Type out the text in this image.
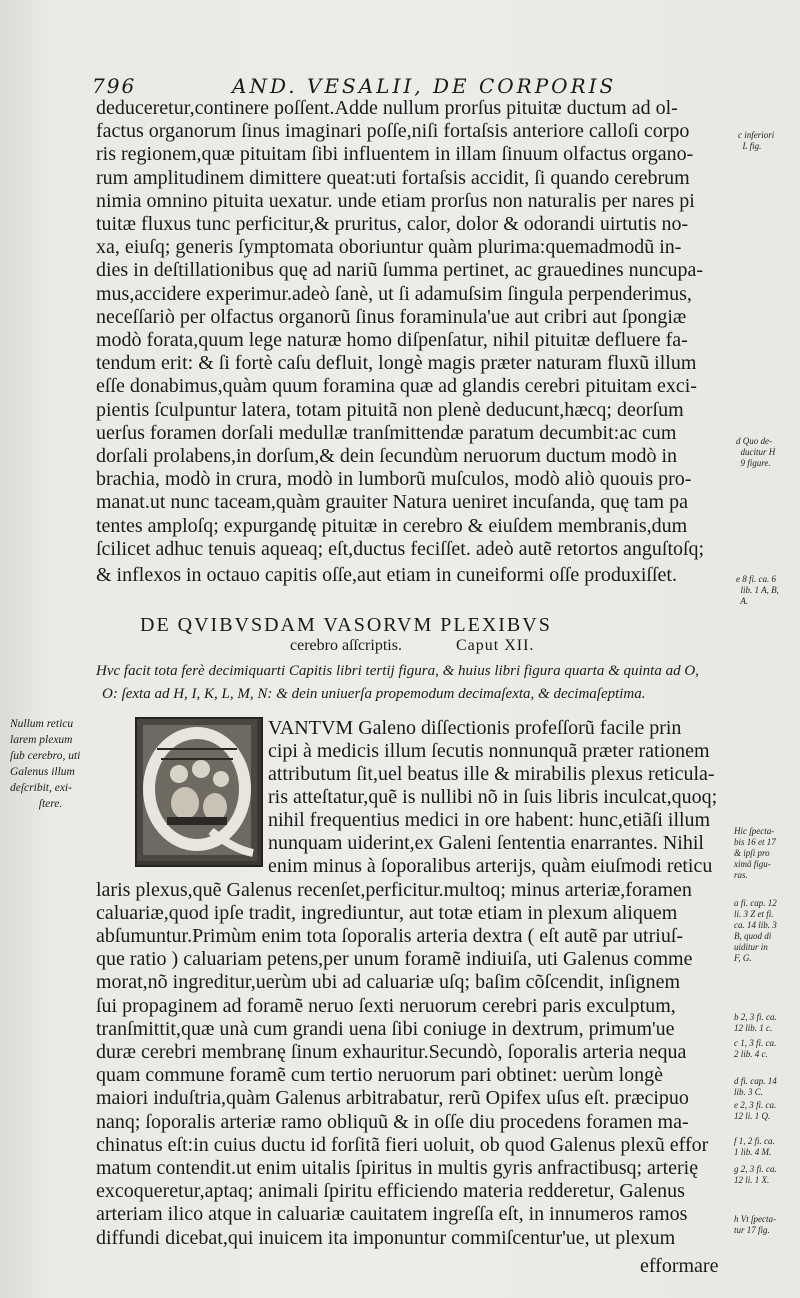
796	AND. VESALII, DE CORPORIS
deduceretur,continere poſſent.Adde nullum prorſus pituitæ ductum ad ol-
factus organorum ſinus imaginari poſſe,niſi fortaſsis anteriore calloſi corpo
ris regionem,quæ pituitam ſibi influentem in illam ſinuum olfactus organo-
rum amplitudinem dimittere queat:uti fortaſsis accidit, ſi quando cerebrum
nimia omnino pituita uexatur. unde etiam prorſus non naturalis per nares pi
tuitæ fluxus tunc perficitur,& pruritus, calor, dolor & odorandi uirtutis no-
xa, eiuſq; generis ſymptomata oboriuntur quàm plurima:quemadmodũ in-
dies in deſtillationibus quę ad nariũ ſumma pertinet, ac grauedines nuncupa-
mus,accidere experimur.adeò ſanè, ut ſi adamuſsim ſingula perpenderimus,
neceſſariò per olfactus organorũ ſinus foraminula'ue aut cribri aut ſpongiæ
modò forata,quum lege naturæ homo diſpenſatur, nihil pituitæ defluere fa-
tendum erit: & ſi fortè caſu defluit, longè magis præter naturam fluxũ illum
eſſe donabimus,quàm quum foramina quæ ad glandis cerebri pituitam exci-
pientis ſculpuntur latera, totam pituitã non plenè deducunt,hæcq; deorſum
uerſus foramen dorſali medullæ tranſmittendæ paratum decumbit:ac cum
dorſali prolabens,in dorſum,& dein ſecundùm neruorum ductum modò in
brachia, modò in crura, modò in lumborũ muſculos, modò aliò quouis pro-
manat.ut nunc taceam,quàm grauiter Natura ueniret incuſanda, quę tam pa
tentes amploſq; expurgandę pituitæ in cerebro & eiuſdem membranis,dum
ſcilicet adhuc tenuis aqueaq; eſt,ductus feciſſet. adeò autẽ retortos anguſtoſq;
& inflexos in octauo capitis oſſe,aut etiam in cuneiformi oſſe produxiſſet.
DE QVIBVSDAM VASORVM PLEXIBVS
cerebro aſſcriptis.	Caput XII.
Hvc facit tota ferè decimiquarti Capitis libri tertij figura, & huius libri figura quarta & quinta ad O,
O: ſexta ad H, I, K, L, M, N: & dein uniuerſa propemodum decimaſexta, & decimaſeptima.
VANTVM Galeno diſſectionis profeſſorũ facile prin
cipi à medicis illum ſecutis nonnunquã præter rationem
attributum ſit,uel beatus ille & mirabilis plexus reticula-
ris atteſtatur,quẽ is nullibi nõ in ſuis libris inculcat,quoq;
nihil frequentius medici in ore habent: hunc,etiãſi illum
nunquam uiderint,ex Galeni ſententia enarrantes. Nihil
enim minus à ſoporalibus arterijs, quàm eiuſmodi reticu
laris plexus,quẽ Galenus recenſet,perficitur.multoq; minus arteriæ,foramen
caluariæ,quod ipſe tradit, ingrediuntur, aut totæ etiam in plexum aliquem
abſumuntur.Primùm enim tota ſoporalis arteria dextra ( eſt autẽ par utriuſ-
que ratio ) caluariam petens,per unum foramẽ indiuiſa, uti Galenus comme
morat,nõ ingreditur,uerùm ubi ad caluariæ uſq; baſim cõſcendit, inſignem
ſui propaginem ad foramẽ neruo ſexti neruorum cerebri paris exculptum,
tranſmittit,quæ unà cum grandi uena ſibi coniuge in dextrum, primum'ue
duræ cerebri membranę ſinum exhauritur.Secundò, ſoporalis arteria nequa
quam commune foramẽ cum tertio neruorum pari obtinet: uerùm longè
maiori induſtria,quàm Galenus arbitrabatur, rerũ Opifex uſus eſt. præcipuo
nanq; ſoporalis arteriæ ramo obliquũ & in oſſe diu procedens foramen ma-
chinatus eſt:in cuius ductu id forſitã fieri uoluit, ob quod Galenus plexũ effor
matum contendit.ut enim uitalis ſpiritus in multis gyris anfractibusq; arterię
excoqueretur,aptaq; animali ſpiritu efficiendo materia redderetur, Galenus
arteriam ilico atque in caluariæ cauitatem ingreſſa eſt, in innumeros ramos
diffundi dicebat,qui inuicem ita imponuntur commiſcentur'ue, ut plexum
efformare
Nullum reticu
larem plexum
ſub cerebro, uti
Galenus illum
deſcribit, exi-
ſtere.
c inferiori
L fig.
d Quo de-
ducitur H
9 figure.
e 8 fi. ca. 6
lib. 1 A, B,
A.
Hic ſpecta-
bis 16 et 17
& ipſi pro
ximã figu-
ras.
a fi. cap. 12
li. 3 Z et fi.
ca. 14 lib. 3
B, quod di
uiditur in
F, G.
b 2, 3 fi. ca.
12 lib. 1 c.
c 1, 3 fi. ca.
2 lib. 4 c.
d fi. cap. 14
lib. 3 C.
e 2, 3 fi. ca.
12 li. 1 Q.
f 1, 2 fi. ca.
1 lib. 4 M.
g 2, 3 fi. ca.
12 li. 1 X.
h Vt ſpecta-
tur 17 fig.
